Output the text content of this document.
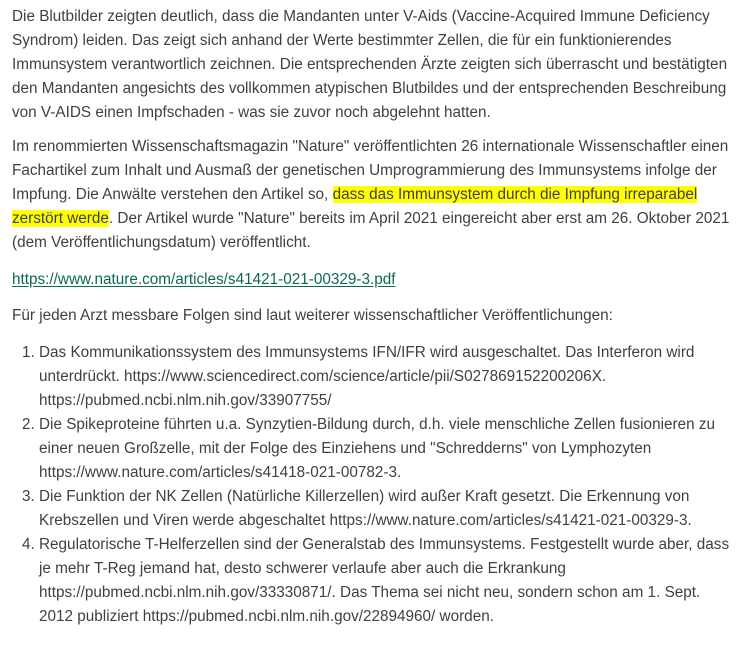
Die Blutbilder zeigten deutlich, dass die Mandanten unter V-Aids (Vaccine-Acquired Immune Deficiency Syndrom) leiden. Das zeigt sich anhand der Werte bestimmter Zellen, die für ein funktionierendes Immunsystem verantwortlich zeichnen. Die entsprechenden Ärzte zeigten sich überrascht und bestätigten den Mandanten angesichts des vollkommen atypischen Blutbildes und der entsprechenden Beschreibung von V-AIDS einen Impfschaden - was sie zuvor noch abgelehnt hatten.

Im renommierten Wissenschaftsmagazin "Nature" veröffentlichten 26 internationale Wissenschaftler einen Fachartikel zum Inhalt und Ausmaß der genetischen Umprogrammierung des Immunsystems infolge der Impfung. Die Anwälte verstehen den Artikel so, dass das Immunsystem durch die Impfung irreparabel zerstört werde. Der Artikel wurde "Nature" bereits im April 2021 eingereicht aber erst am 26. Oktober 2021 (dem Veröffentlichungsdatum) veröffentlicht.

https://www.nature.com/articles/s41421-021-00329-3.pdf

Für jeden Arzt messbare Folgen sind laut weiterer wissenschaftlicher Veröffentlichungen:

1. Das Kommunikationssystem des Immunsystems IFN/IFR wird ausgeschaltet. Das Interferon wird unterdrückt. https://www.sciencedirect.com/science/article/pii/S027869152200206X. https://pubmed.ncbi.nlm.nih.gov/33907755/
2. Die Spikeproteine führten u.a. Synzytien-Bildung durch, d.h. viele menschliche Zellen fusionieren zu einer neuen Großzelle, mit der Folge des Einziehens und "Schredderns" von Lymphozyten https://www.nature.com/articles/s41418-021-00782-3.
3. Die Funktion der NK Zellen (Natürliche Killerzellen) wird außer Kraft gesetzt. Die Erkennung von Krebszellen und Viren werde abgeschaltet https://www.nature.com/articles/s41421-021-00329-3.
4. Regulatorische T-Helferzellen sind der Generalstab des Immunsystems. Festgestellt wurde aber, dass je mehr T-Reg jemand hat, desto schwerer verlaufe aber auch die Erkrankung https://pubmed.ncbi.nlm.nih.gov/33330871/. Das Thema sei nicht neu, sondern schon am 1. Sept. 2012 publiziert https://pubmed.ncbi.nlm.nih.gov/22894960/ worden.
